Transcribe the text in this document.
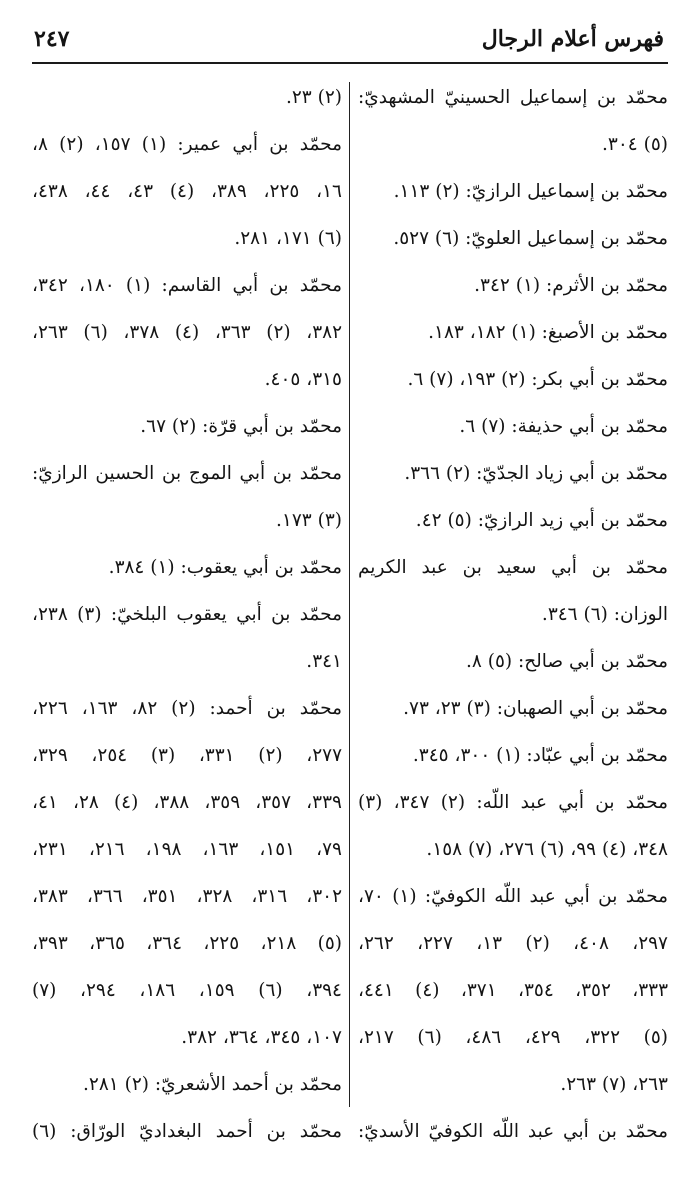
٢٤٧	فهرس أعلام الرجال
محمّد بن إسماعيل الحسينيّ المشهديّ:
(٥) ٣٠٤.
محمّد بن إسماعيل الرازيّ: (٢) ١١٣.
محمّد بن إسماعيل العلويّ: (٦) ٥٢٧.
محمّد بن الأثرم: (١) ٣٤٢.
محمّد بن الأصبغ: (١) ١٨٢، ١٨٣.
محمّد بن أبي بكر: (٢) ١٩٣، (٧) ٦.
محمّد بن أبي حذيفة: (٧) ٦.
محمّد بن أبي زياد الجدّيّ: (٢) ٣٦٦.
محمّد بن أبي زيد الرازيّ: (٥) ٤٢.
محمّد بن أبي سعيد بن عبد الكريم
الوزان: (٦) ٣٤٦.
محمّد بن أبي صالح: (٥) ٨.
محمّد بن أبي الصهبان: (٣) ٢٣، ٧٣.
محمّد بن أبي عبّاد: (١) ٣٠٠، ٣٤٥.
محمّد بن أبي عبد اللّه: (٢) ٣٤٧، (٣)
٣٤٨، (٤) ٩٩، (٦) ٢٧٦، (٧) ١٥٨.
محمّد بن أبي عبد اللّه الكوفيّ: (١) ٧٠،
٢٩٧، ٤٠٨، (٢) ١٣، ٢٢٧، ٢٦٢،
٣٣٣، ٣٥٢، ٣٥٤، ٣٧١، (٤) ٤٤١،
(٥) ٣٢٢، ٤٢٩، ٤٨٦، (٦) ٢١٧،
٢٦٣، (٧) ٢٦٣.
محمّد بن أبي عبد اللّه الكوفيّ الأسديّ:
(٢) ٢٣.
محمّد بن أبي عمير: (١) ١٥٧، (٢) ٨،
١٦، ٢٢٥، ٣٨٩، (٤) ٤٣، ٤٤، ٤٣٨،
(٦) ١٧١، ٢٨١.
محمّد بن أبي القاسم: (١) ١٨٠، ٣٤٢،
٣٨٢، (٢) ٣٦٣، (٤) ٣٧٨، (٦) ٢٦٣،
٣١٥، ٤٠٥.
محمّد بن أبي قرّة: (٢) ٦٧.
محمّد بن أبي الموج بن الحسين الرازيّ:
(٣) ١٧٣.
محمّد بن أبي يعقوب: (١) ٣٨٤.
محمّد بن أبي يعقوب البلخيّ: (٣) ٢٣٨،
٣٤١.
محمّد بن أحمد: (٢) ٨٢، ١٦٣، ٢٢٦،
٢٧٧، (٢) ٣٣١، (٣) ٢٥٤، ٣٢٩،
٣٣٩، ٣٥٧، ٣٥٩، ٣٨٨، (٤) ٢٨، ٤١،
٧٩، ١٥١، ١٦٣، ١٩٨، ٢١٦، ٢٣١،
٣٠٢، ٣١٦، ٣٢٨، ٣٥١، ٣٦٦، ٣٨٣،
(٥) ٢١٨، ٢٢٥، ٣٦٤، ٣٦٥، ٣٩٣،
٣٩٤، (٦) ١٥٩، ١٨٦، ٢٩٤، (٧)
١٠٧، ٣٤٥، ٣٦٤، ٣٨٢.
محمّد بن أحمد الأشعريّ: (٢) ٢٨١.
محمّد بن أحمد البغداديّ الورّاق: (٦)
